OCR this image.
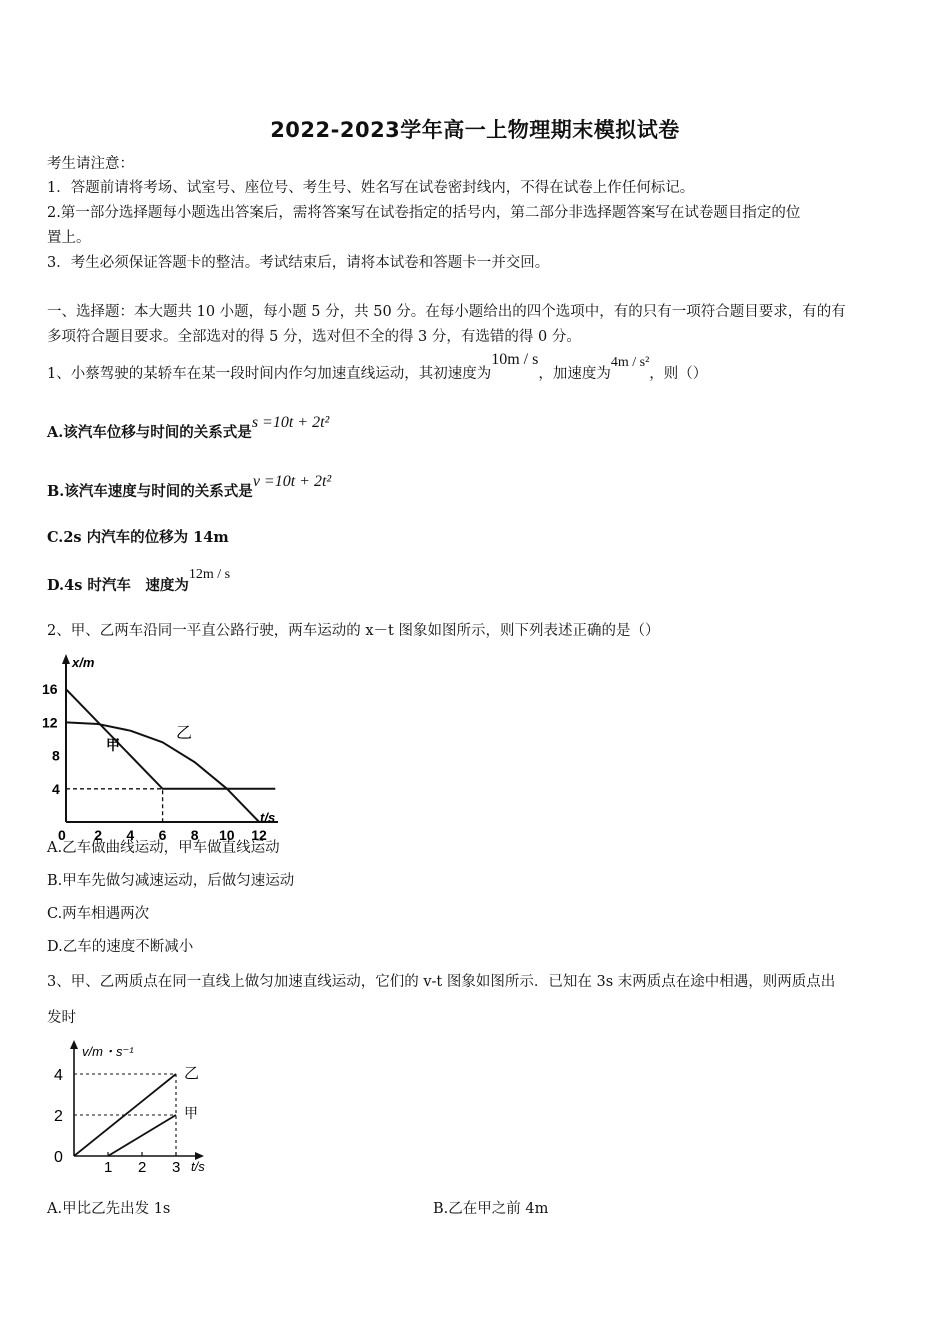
2022-2023学年高一上物理期末模拟试卷
考生请注意：
1．答题前请将考场、试室号、座位号、考生号、姓名写在试卷密封线内，不得在试卷上作任何标记。
2.第一部分选择题每小题选出答案后，需将答案写在试卷指定的括号内，第二部分非选择题答案写在试卷题目指定的位
置上。
3．考生必须保证答题卡的整洁。考试结束后，请将本试卷和答题卡一并交回。
一、选择题：本大题共 10 小题，每小题 5 分，共 50 分。在每小题给出的四个选项中，有的只有一项符合题目要求，有的有
多项符合题目要求。全部选对的得 5 分，选对但不全的得 3 分，有选错的得 0 分。
1、小蔡驾驶的某轿车在某一段时间内作匀加速直线运动，其初速度为10m / s，加速度为4m / s²，则（）
A.该汽车位移与时间的关系式是s =10t + 2t²
B.该汽车速度与时间的关系式是v =10t + 2t²
C.2s 内汽车的位移为 14m
D.4s 时汽车　速度为12m / s
2、甲、乙两车沿同一平直公路行驶，两车运动的 x－t 图象如图所示，则下列表述正确的是（）
x/m
t/s
0 2 4 6 8 10 12
4
8
12
16
甲
乙
A.乙车做曲线运动，甲车做直线运动
B.甲车先做匀减速运动，后做匀速运动
C.两车相遇两次
D.乙车的速度不断减小
3、甲、乙两质点在同一直线上做匀加速直线运动，它们的 v-t 图象如图所示．已知在 3s 末两质点在途中相遇，则两质点出
发时
v/m・s⁻¹
t/s
1 2 3
0
2
4	乙
甲
A.甲比乙先出发 1s	B.乙在甲之前 4m
